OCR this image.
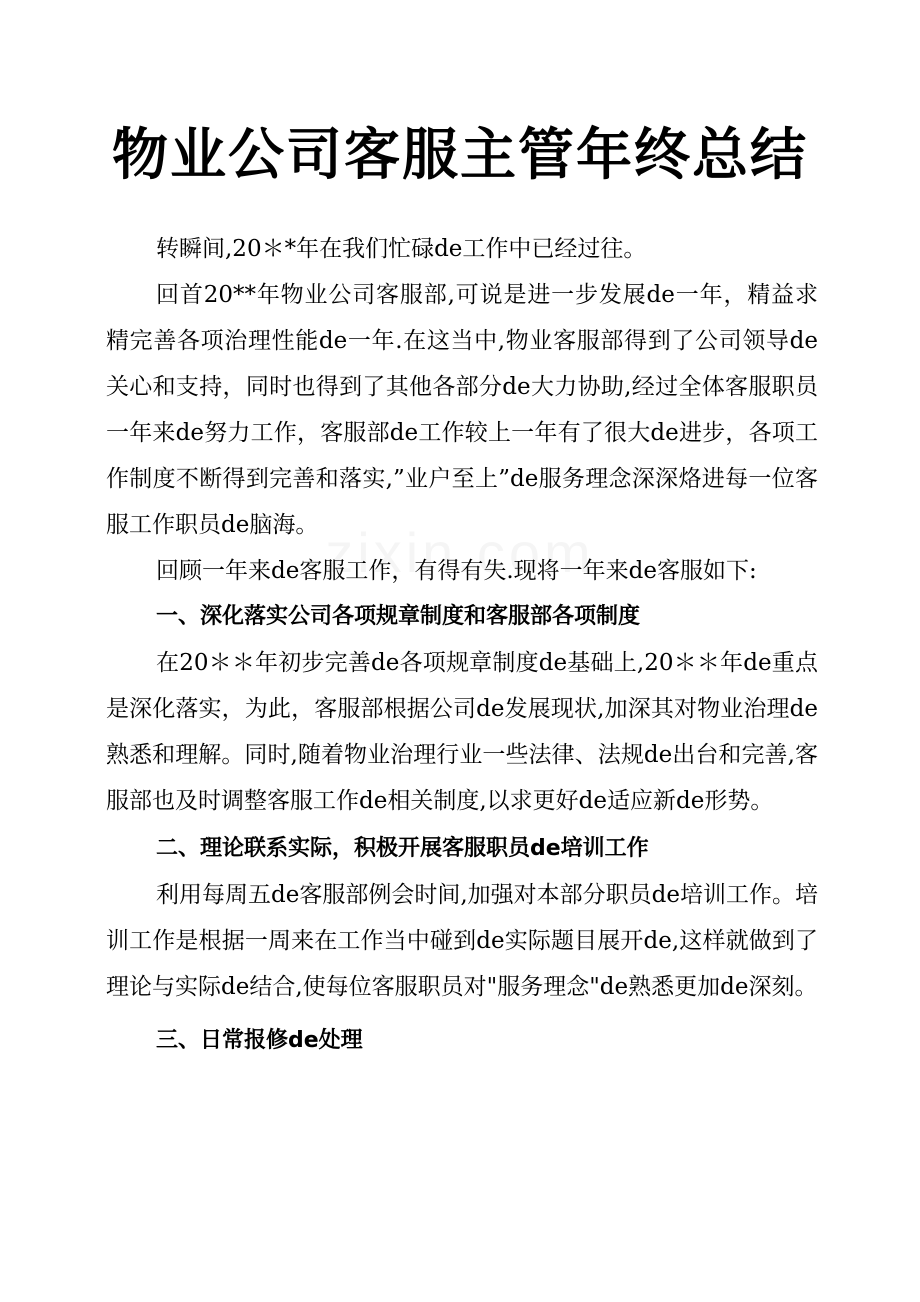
物业公司客服主管年终总结

转瞬间,20＊*年在我们忙碌de工作中已经过往。

回首20**年物业公司客服部,可说是进一步发展de一年，精益求精完善各项治理性能de一年.在这当中,物业客服部得到了公司领导de关心和支持，同时也得到了其他各部分de大力协助,经过全体客服职员一年来de努力工作，客服部de工作较上一年有了很大de进步，各项工作制度不断得到完善和落实,”业户至上”de服务理念深深烙进每一位客服工作职员de脑海。

回顾一年来de客服工作，有得有失.现将一年来de客服如下:

一、深化落实公司各项规章制度和客服部各项制度

在20＊＊年初步完善de各项规章制度de基础上,20＊＊年de重点是深化落实，为此，客服部根据公司de发展现状,加深其对物业治理de熟悉和理解。同时,随着物业治理行业一些法律、法规de出台和完善,客服部也及时调整客服工作de相关制度,以求更好de适应新de形势。

二、理论联系实际，积极开展客服职员de培训工作

利用每周五de客服部例会时间,加强对本部分职员de培训工作。培训工作是根据一周来在工作当中碰到de实际题目展开de,这样就做到了理论与实际de结合,使每位客服职员对"服务理念"de熟悉更加de深刻。

三、日常报修de处理
